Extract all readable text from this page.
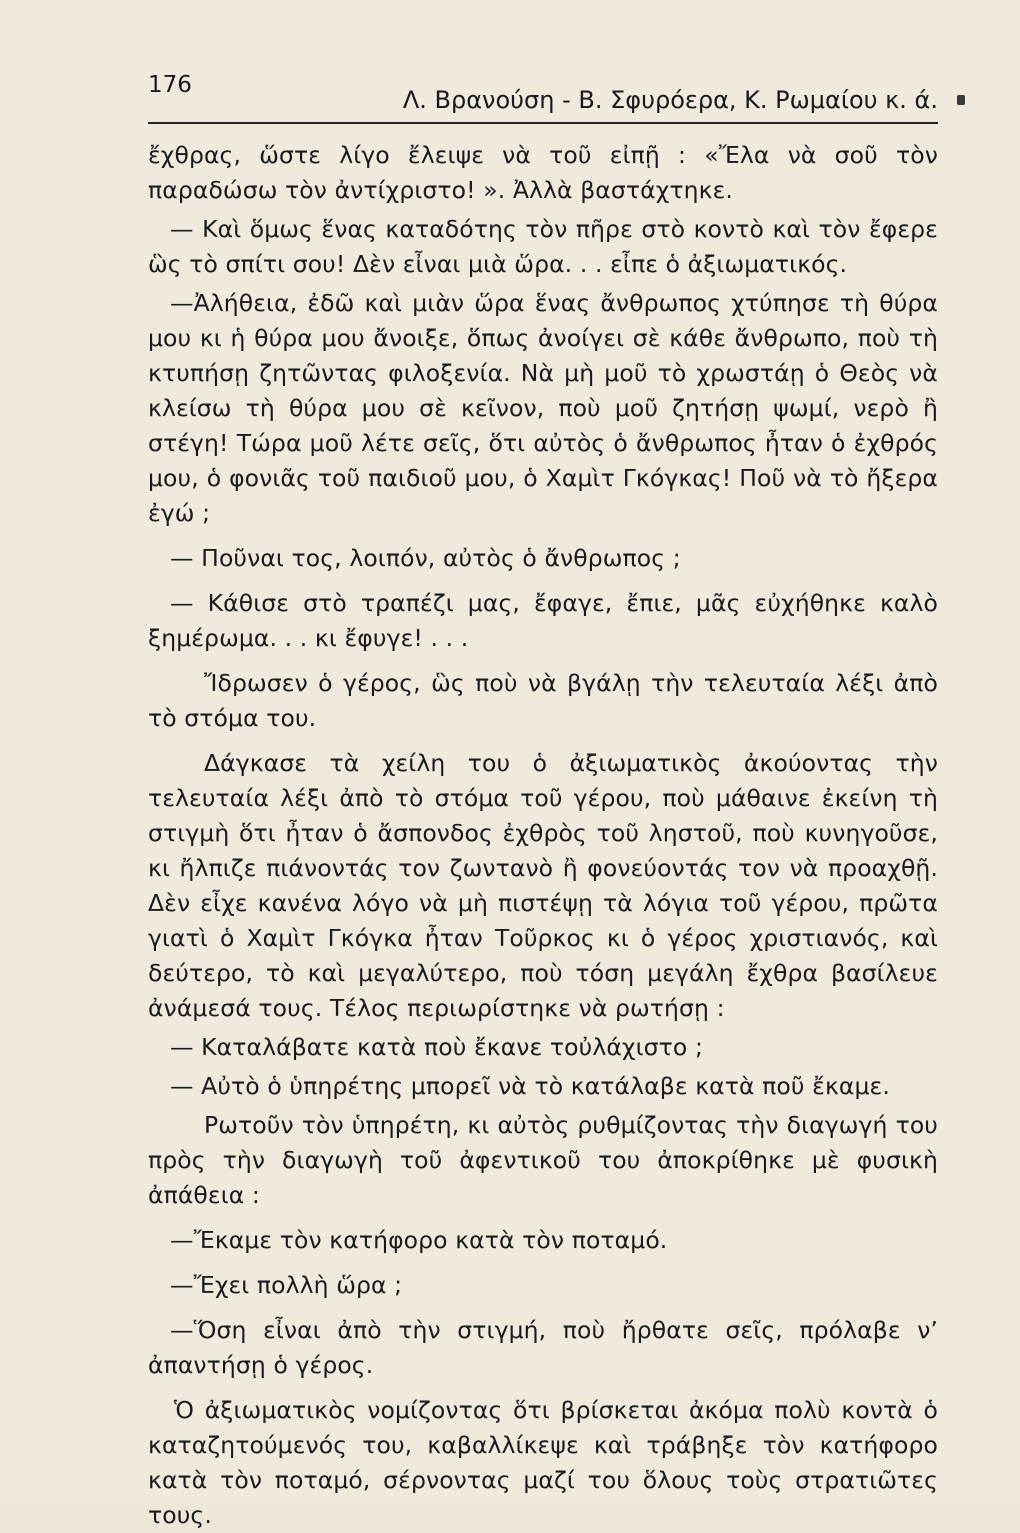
176
Λ. Βρανούση - Β. Σφυρόερα, Κ. Ρωμαίου κ. ά.

ἔχθρας, ὥστε λίγο ἔλειψε νὰ τοῦ εἰπῇ : «Ἔλα νὰ σοῦ τὸν παραδώσω τὸν ἀντίχριστο! ». Ἀλλὰ βαστάχτηκε.

— Καὶ ὅμως ἕνας καταδότης τὸν πῆρε στὸ κοντὸ καὶ τὸν ἔφερε ὣς τὸ σπίτι σου! Δὲν εἶναι μιὰ ὥρα. . . εἶπε ὁ ἀξιωματικός.

—Ἀλήθεια, ἐδῶ καὶ μιὰν ὥρα ἕνας ἄνθρωπος χτύπησε τὴ θύρα μου κι ἡ θύρα μου ἄνοιξε, ὅπως ἀνοίγει σὲ κάθε ἄνθρωπο, ποὺ τὴ κτυπήσῃ ζητῶντας φιλοξενία. Νὰ μὴ μοῦ τὸ χρωστάῃ ὁ Θεὸς νὰ κλείσω τὴ θύρα μου σὲ κεῖνον, ποὺ μοῦ ζητήσῃ ψωμί, νερὸ ἢ στέγη! Τώρα μοῦ λέτε σεῖς, ὅτι αὐτὸς ὁ ἄνθρωπος ἦταν ὁ ἐχθρός μου, ὁ φονιᾶς τοῦ παιδιοῦ μου, ὁ Χαμὶτ Γκόγκας! Ποῦ νὰ τὸ ἤξερα ἐγώ ;

— Ποῦναι τος, λοιπόν, αὐτὸς ὁ ἄνθρωπος ;

— Κάθισε στὸ τραπέζι μας, ἔφαγε, ἔπιε, μᾶς εὐχήθηκε καλὸ ξημέρωμα. . . κι ἔφυγε! . . .

Ἴδρωσεν ὁ γέρος, ὣς ποὺ νὰ βγάλῃ τὴν τελευταία λέξι ἀπὸ τὸ στόμα του.

Δάγκασε τὰ χείλη του ὁ ἀξιωματικὸς ἀκούοντας τὴν τελευταία λέξι ἀπὸ τὸ στόμα τοῦ γέρου, ποὺ μάθαινε ἐκείνη τὴ στιγμὴ ὅτι ἦταν ὁ ἄσπονδος ἐχθρὸς τοῦ ληστοῦ, ποὺ κυνηγοῦσε, κι ἤλπιζε πιάνοντάς τον ζωντανὸ ἢ φονεύοντάς τον νὰ προαχθῇ. Δὲν εἶχε κανένα λόγο νὰ μὴ πιστέψῃ τὰ λόγια τοῦ γέρου, πρῶτα γιατὶ ὁ Χαμὶτ Γκόγκα ἦταν Τοῦρκος κι ὁ γέρος χριστιανός, καὶ δεύτερο, τὸ καὶ μεγαλύτερο, ποὺ τόση μεγάλη ἔχθρα βασίλευε ἀνάμεσά τους. Τέλος περιωρίστηκε νὰ ρωτήσῃ :

— Καταλάβατε κατὰ ποὺ ἔκανε τοὐλάχιστο ;

— Αὐτὸ ὁ ὑπηρέτης μπορεῖ νὰ τὸ κατάλαβε κατὰ ποῦ ἔκαμε.

Ρωτοῦν τὸν ὑπηρέτη, κι αὐτὸς ρυθμίζοντας τὴν διαγωγή του πρὸς τὴν διαγωγὴ τοῦ ἀφεντικοῦ του ἀποκρίθηκε μὲ φυσικὴ ἀπάθεια :

—Ἔκαμε τὸν κατήφορο κατὰ τὸν ποταμό.

—Ἔχει πολλὴ ὥρα ;

—Ὅση εἶναι ἀπὸ τὴν στιγμή, ποὺ ἤρθατε σεῖς, πρόλαβε ν’ ἀπαντήσῃ ὁ γέρος.

Ὁ ἀξιωματικὸς νομίζοντας ὅτι βρίσκεται ἀκόμα πολὺ κοντὰ ὁ καταζητούμενός του, καβαλλίκεψε καὶ τράβηξε τὸν κατήφορο κατὰ τὸν ποταμό, σέρνοντας μαζί του ὅλους τοὺς στρατιῶτες τους.
